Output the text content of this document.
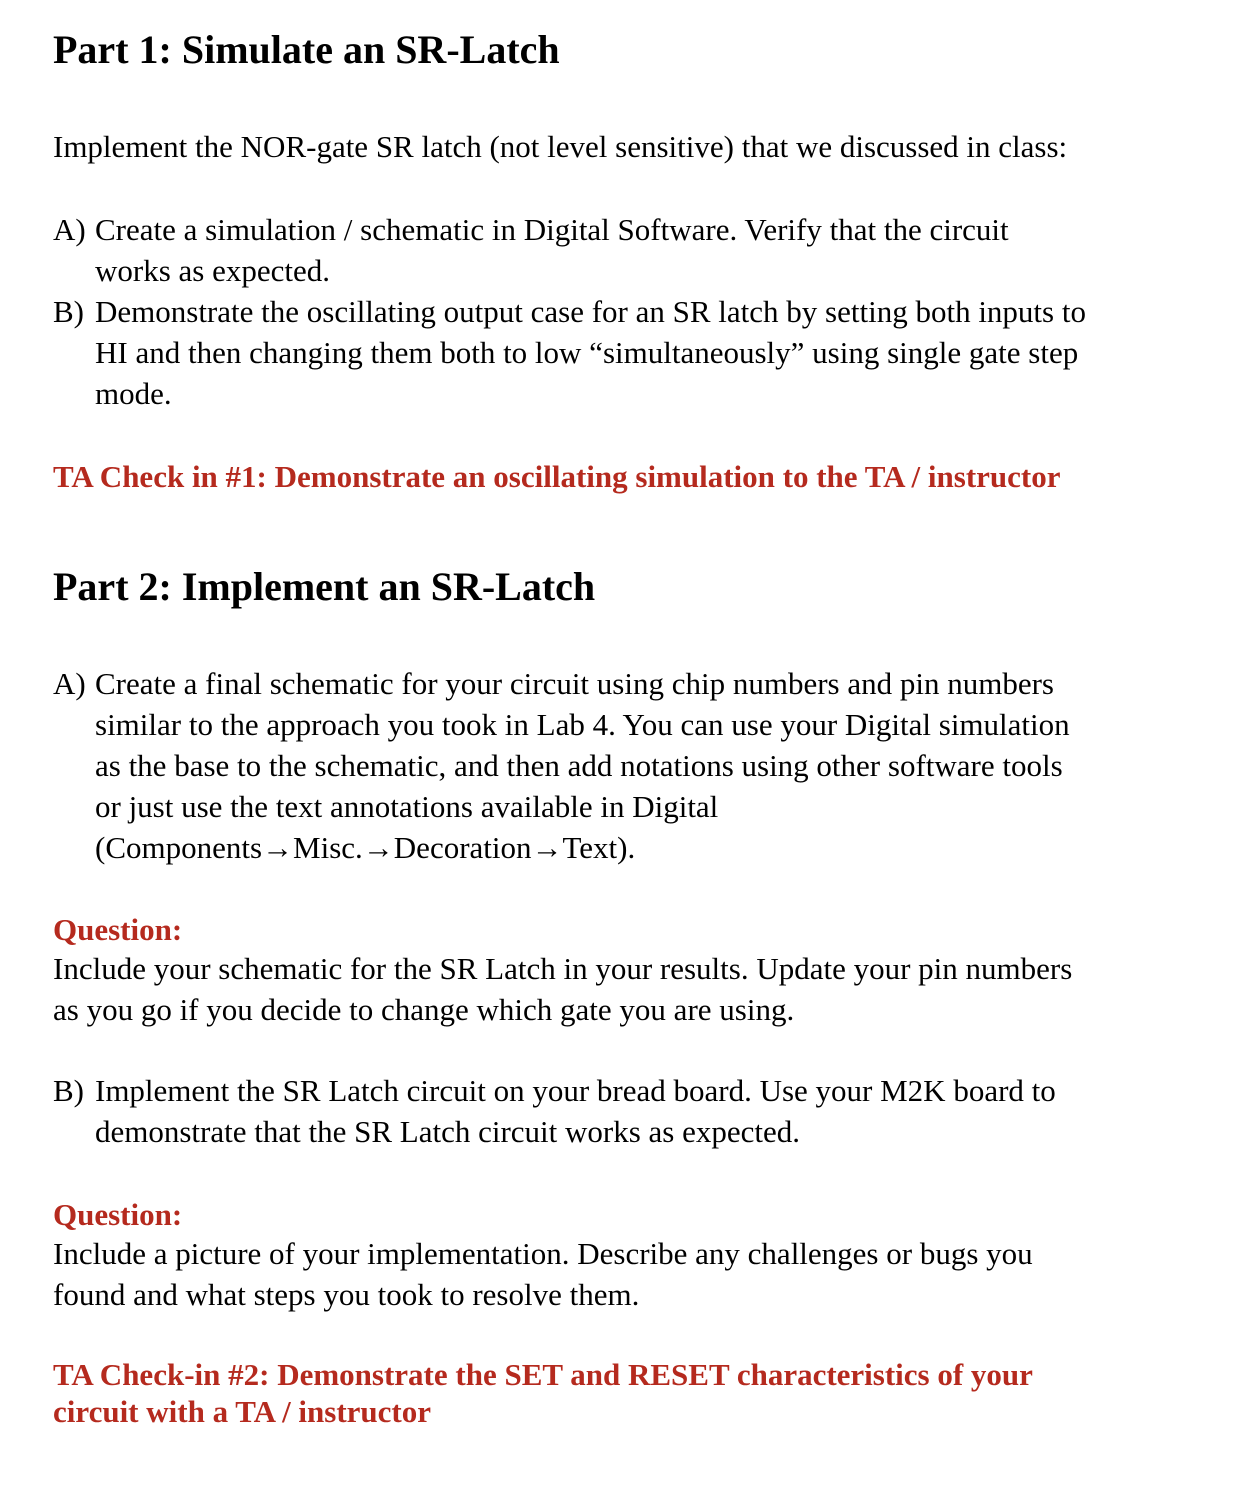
Part 1: Simulate an SR-Latch

Implement the NOR-gate SR latch (not level sensitive) that we discussed in class:

A) Create a simulation / schematic in Digital Software. Verify that the circuit
works as expected.
B) Demonstrate the oscillating output case for an SR latch by setting both inputs to
HI and then changing them both to low “simultaneously” using single gate step
mode.

TA Check in #1: Demonstrate an oscillating simulation to the TA / instructor

Part 2: Implement an SR-Latch
A) Create a final schematic for your circuit using chip numbers and pin numbers
similar to the approach you took in Lab 4. You can use your Digital simulation
as the base to the schematic, and then add notations using other software tools
or just use the text annotations available in Digital
(Components→Misc.→Decoration→Text).
Question:
Include your schematic for the SR Latch in your results. Update your pin numbers
as you go if you decide to change which gate you are using.
B) Implement the SR Latch circuit on your bread board. Use your M2K board to
demonstrate that the SR Latch circuit works as expected.
Question:
Include a picture of your implementation. Describe any challenges or bugs you
found and what steps you took to resolve them.
TA Check-in #2: Demonstrate the SET and RESET characteristics of your
circuit with a TA / instructor
